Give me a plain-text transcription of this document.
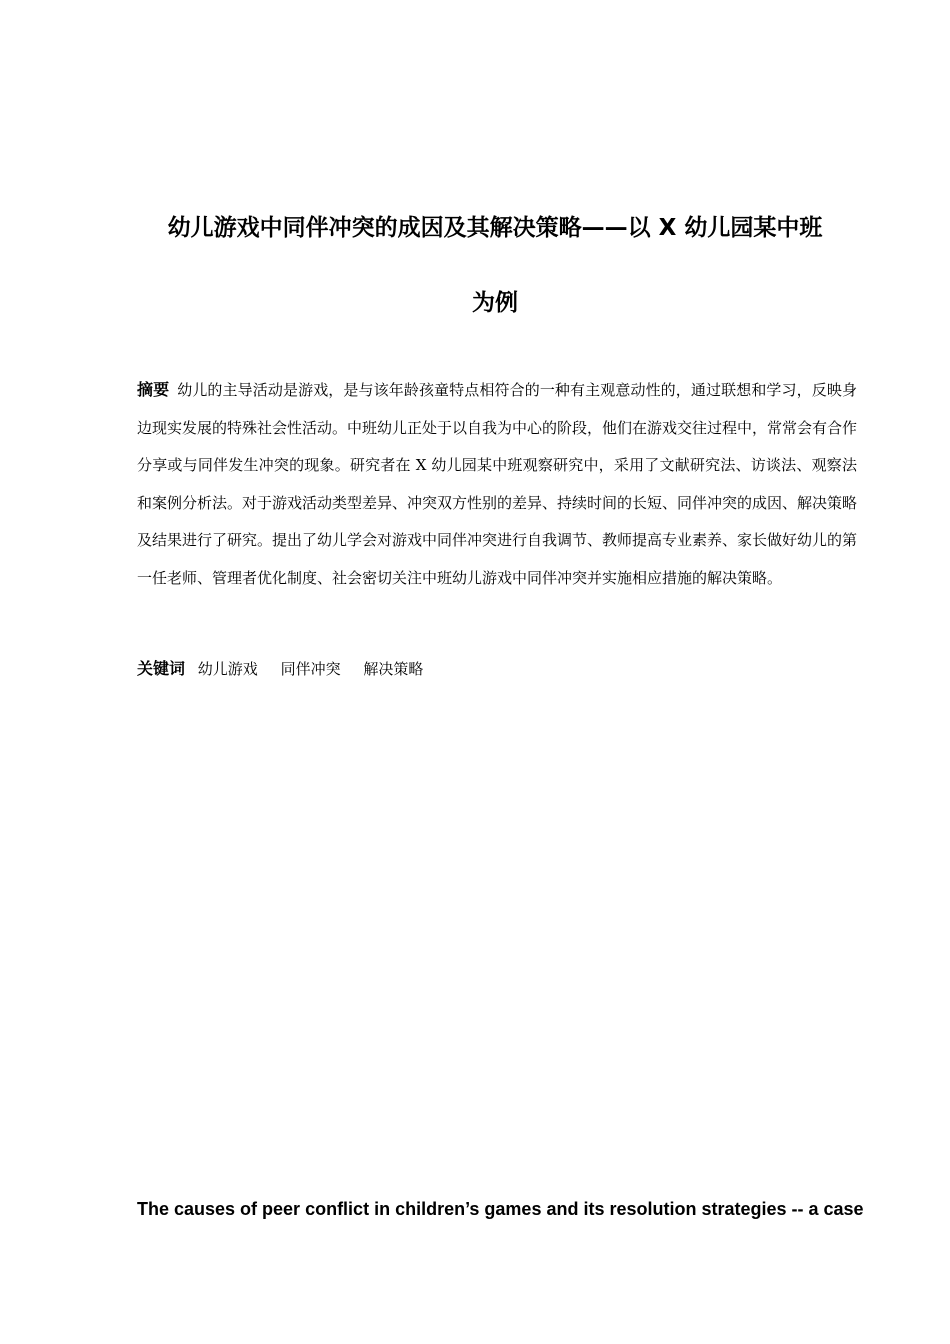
幼儿游戏中同伴冲突的成因及其解决策略——以 X 幼儿园某中班
为例
摘要 幼儿的主导活动是游戏，是与该年龄孩童特点相符合的一种有主观意动性的，通过联想和学习，反映身边现实发展的特殊社会性活动。中班幼儿正处于以自我为中心的阶段，他们在游戏交往过程中，常常会有合作分享或与同伴发生冲突的现象。研究者在 X 幼儿园某中班观察研究中，采用了文献研究法、访谈法、观察法和案例分析法。对于游戏活动类型差异、冲突双方性别的差异、持续时间的长短、同伴冲突的成因、解决策略及结果进行了研究。提出了幼儿学会对游戏中同伴冲突进行自我调节、教师提高专业素养、家长做好幼儿的第一任老师、管理者优化制度、社会密切关注中班幼儿游戏中同伴冲突并实施相应措施的解决策略。
关键词 幼儿游戏 同伴冲突 解决策略
The causes of peer conflict in children’s games and its resolution strategies -- a case
